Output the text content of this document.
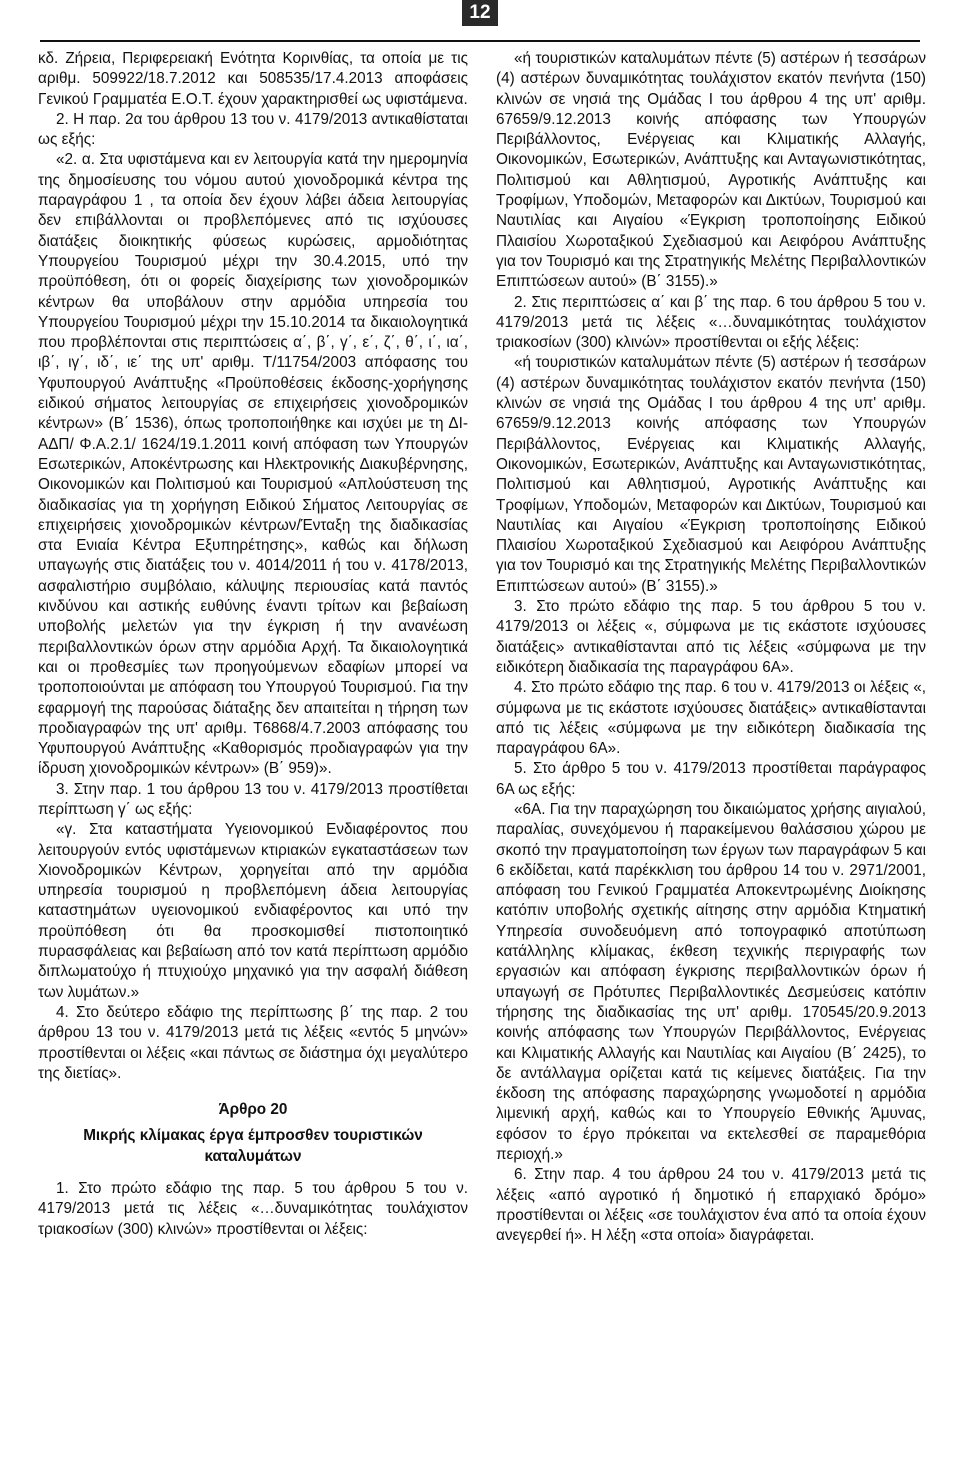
12

κδ. Ζήρεια, Περιφερειακή Ενότητα Κορινθίας, τα οποία με τις αριθμ. 509922/18.7.2012 και 508535/17.4.2013 αποφάσεις Γενικού Γραμματέα Ε.Ο.Τ. έχουν χαρακτηρισθεί ως υφιστάμενα.

2. Η παρ. 2α του άρθρου 13 του ν. 4179/2013 αντικαθίσταται ως εξής:

«2. α. Στα υφιστάμενα και εν λειτουργία κατά την ημερομηνία της δημοσίευσης του νόμου αυτού χιονοδρομικά κέντρα της παραγράφου 1 , τα οποία δεν έχουν λάβει άδεια λειτουργίας δεν επιβάλλονται οι προβλεπόμενες από τις ισχύουσες διατάξεις διοικητικής φύσεως κυρώσεις, αρμοδιότητας Υπουργείου Τουρισμού μέχρι την 30.4.2015, υπό την προϋπόθεση, ότι οι φορείς διαχείρισης των χιονοδρομικών κέντρων θα υποβάλουν στην αρμόδια υπηρεσία του Υπουργείου Τουρισμού μέχρι την 15.10.2014 τα δικαιολογητικά που προβλέπονται στις περιπτώσεις α΄, β΄, γ΄, ε΄, ζ΄, θ΄, ι΄, ια΄, ιβ΄, ιγ΄, ιδ΄, ιε΄ της υπ' αριθμ. Τ/11754/2003 απόφασης του Υφυπουργού Ανάπτυξης «Προϋποθέσεις έκδοσης-χορήγησης ειδικού σήματος λειτουργίας σε επιχειρήσεις χιονοδρομικών κέντρων» (Β΄ 1536), όπως τροποποιήθηκε και ισχύει με τη ΔΙ-ΑΔΠ/ Φ.Α.2.1/ 1624/19.1.2011 κοινή απόφαση των Υπουργών Εσωτερικών, Αποκέντρωσης και Ηλεκτρονικής Διακυβέρνησης, Οικονομικών και Πολιτισμού και Τουρισμού «Απλούστευση της διαδικασίας για τη χορήγηση Ειδικού Σήματος Λειτουργίας σε επιχειρήσεις χιονοδρομικών κέντρων/Ένταξη της διαδικασίας στα Ενιαία Κέντρα Εξυπηρέτησης», καθώς και δήλωση υπαγωγής στις διατάξεις του ν. 4014/2011 ή του ν. 4178/2013, ασφαλιστήριο συμβόλαιο, κάλυψης περιουσίας κατά παντός κινδύνου και αστικής ευθύνης έναντι τρίτων και βεβαίωση υποβολής μελετών για την έγκριση ή την ανανέωση περιβαλλοντικών όρων στην αρμόδια Αρχή. Τα δικαιολογητικά και οι προθεσμίες των προηγούμενων εδαφίων μπορεί να τροποποιούνται με απόφαση του Υπουργού Τουρισμού. Για την εφαρμογή της παρούσας διάταξης δεν απαιτείται η τήρηση των προδιαγραφών της υπ' αριθμ. Τ6868/4.7.2003 απόφασης του Υφυπουργού Ανάπτυξης «Καθορισμός προδιαγραφών για την ίδρυση χιονοδρομικών κέντρων» (Β΄ 959)».

3. Στην παρ. 1 του άρθρου 13 του ν. 4179/2013 προστίθεται περίπτωση γ΄ ως εξής:

«γ. Στα καταστήματα Υγειονομικού Ενδιαφέροντος που λειτουργούν εντός υφιστάμενων κτιριακών εγκαταστάσεων των Χιονοδρομικών Κέντρων, χορηγείται από την αρμόδια υπηρεσία τουρισμού η προβλεπόμενη άδεια λειτουργίας καταστημάτων υγειονομικού ενδιαφέροντος και υπό την προϋπόθεση ότι θα προσκομισθεί πιστοποιητικό πυρασφάλειας και βεβαίωση από τον κατά περίπτωση αρμόδιο διπλωματούχο ή πτυχιούχο μηχανικό για την ασφαλή διάθεση των λυμάτων.»

4. Στο δεύτερο εδάφιο της περίπτωσης β΄ της παρ. 2 του άρθρου 13 του ν. 4179/2013 μετά τις λέξεις «εντός 5 μηνών» προστίθενται οι λέξεις «και πάντως σε διάστημα όχι μεγαλύτερο της διετίας».

Άρθρο 20

Μικρής κλίμακας έργα έμπροσθεν τουριστικών καταλυμάτων

1. Στο πρώτο εδάφιο της παρ. 5 του άρθρου 5 του ν. 4179/2013 μετά τις λέξεις «…δυναμικότητας τουλάχιστον τριακοσίων (300) κλινών» προστίθενται οι λέξεις:

«ή τουριστικών καταλυμάτων πέντε (5) αστέρων ή τεσσάρων (4) αστέρων δυναμικότητας τουλάχιστον εκατόν πενήντα (150) κλινών σε νησιά της Ομάδας Ι του άρθρου 4 της υπ' αριθμ. 67659/9.12.2013 κοινής απόφασης των Υπουργών Περιβάλλοντος, Ενέργειας και Κλιματικής Αλλαγής, Οικονομικών, Εσωτερικών, Ανάπτυξης και Ανταγωνιστικότητας, Πολιτισμού και Αθλητισμού, Αγροτικής Ανάπτυξης και Τροφίμων, Υποδομών, Μεταφορών και Δικτύων, Τουρισμού και Ναυτιλίας και Αιγαίου «Έγκριση τροποποίησης Ειδικού Πλαισίου Χωροταξικού Σχεδιασμού και Αειφόρου Ανάπτυξης για τον Τουρισμό και της Στρατηγικής Μελέτης Περιβαλλοντικών Επιπτώσεων αυτού» (Β΄ 3155).»

2. Στις περιπτώσεις α΄ και β΄ της παρ. 6 του άρθρου 5 του ν. 4179/2013 μετά τις λέξεις «…δυναμικότητας τουλάχιστον τριακοσίων (300) κλινών» προστίθενται οι εξής λέξεις:

«ή τουριστικών καταλυμάτων πέντε (5) αστέρων ή τεσσάρων (4) αστέρων δυναμικότητας τουλάχιστον εκατόν πενήντα (150) κλινών σε νησιά της Ομάδας Ι του άρθρου 4 της υπ' αριθμ. 67659/9.12.2013 κοινής απόφασης των Υπουργών Περιβάλλοντος, Ενέργειας και Κλιματικής Αλλαγής, Οικονομικών, Εσωτερικών, Ανάπτυξης και Ανταγωνιστικότητας, Πολιτισμού και Αθλητισμού, Αγροτικής Ανάπτυξης και Τροφίμων, Υποδομών, Μεταφορών και Δικτύων, Τουρισμού και Ναυτιλίας και Αιγαίου «Έγκριση τροποποίησης Ειδικού Πλαισίου Χωροταξικού Σχεδιασμού και Αειφόρου Ανάπτυξης για τον Τουρισμό και της Στρατηγικής Μελέτης Περιβαλλοντικών Επιπτώσεων αυτού» (Β΄ 3155).»

3. Στο πρώτο εδάφιο της παρ. 5 του άρθρου 5 του ν. 4179/2013 οι λέξεις «, σύμφωνα με τις εκάστοτε ισχύουσες διατάξεις» αντικαθίστανται από τις λέξεις «σύμφωνα με την ειδικότερη διαδικασία της παραγράφου 6Α».

4. Στο πρώτο εδάφιο της παρ. 6 του ν. 4179/2013 οι λέξεις «, σύμφωνα με τις εκάστοτε ισχύουσες διατάξεις» αντικαθίστανται από τις λέξεις «σύμφωνα με την ειδικότερη διαδικασία της παραγράφου 6Α».

5. Στο άρθρο 5 του ν. 4179/2013 προστίθεται παράγραφος 6Α ως εξής:

«6Α. Για την παραχώρηση του δικαιώματος χρήσης αιγιαλού, παραλίας, συνεχόμενου ή παρακείμενου θαλάσσιου χώρου με σκοπό την πραγματοποίηση των έργων των παραγράφων 5 και 6 εκδίδεται, κατά παρέκκλιση του άρθρου 14 του ν. 2971/2001, απόφαση του Γενικού Γραμματέα Αποκεντρωμένης Διοίκησης κατόπιν υποβολής σχετικής αίτησης στην αρμόδια Κτηματική Υπηρεσία συνοδευόμενη από τοπογραφικό αποτύπωση κατάλληλης κλίμακας, έκθεση τεχνικής περιγραφής των εργασιών και απόφαση έγκρισης περιβαλλοντικών όρων ή υπαγωγή σε Πρότυπες Περιβαλλοντικές Δεσμεύσεις κατόπιν τήρησης της διαδικασίας της υπ' αριθμ. 170545/20.9.2013 κοινής απόφασης των Υπουργών Περιβάλλοντος, Ενέργειας και Κλιματικής Αλλαγής και Ναυτιλίας και Αιγαίου (Β΄ 2425), το δε αντάλλαγμα ορίζεται κατά τις κείμενες διατάξεις. Για την έκδοση της απόφασης παραχώρησης γνωμοδοτεί η αρμόδια λιμενική αρχή, καθώς και το Υπουργείο Εθνικής Άμυνας, εφόσον το έργο πρόκειται να εκτελεσθεί σε παραμεθόρια περιοχή.»

6. Στην παρ. 4 του άρθρου 24 του ν. 4179/2013 μετά τις λέξεις «από αγροτικό ή δημοτικό ή επαρχιακό δρόμο» προστίθενται οι λέξεις «σε τουλάχιστον ένα από τα οποία έχουν ανεγερθεί ή». Η λέξη «στα οποία» διαγράφεται.
